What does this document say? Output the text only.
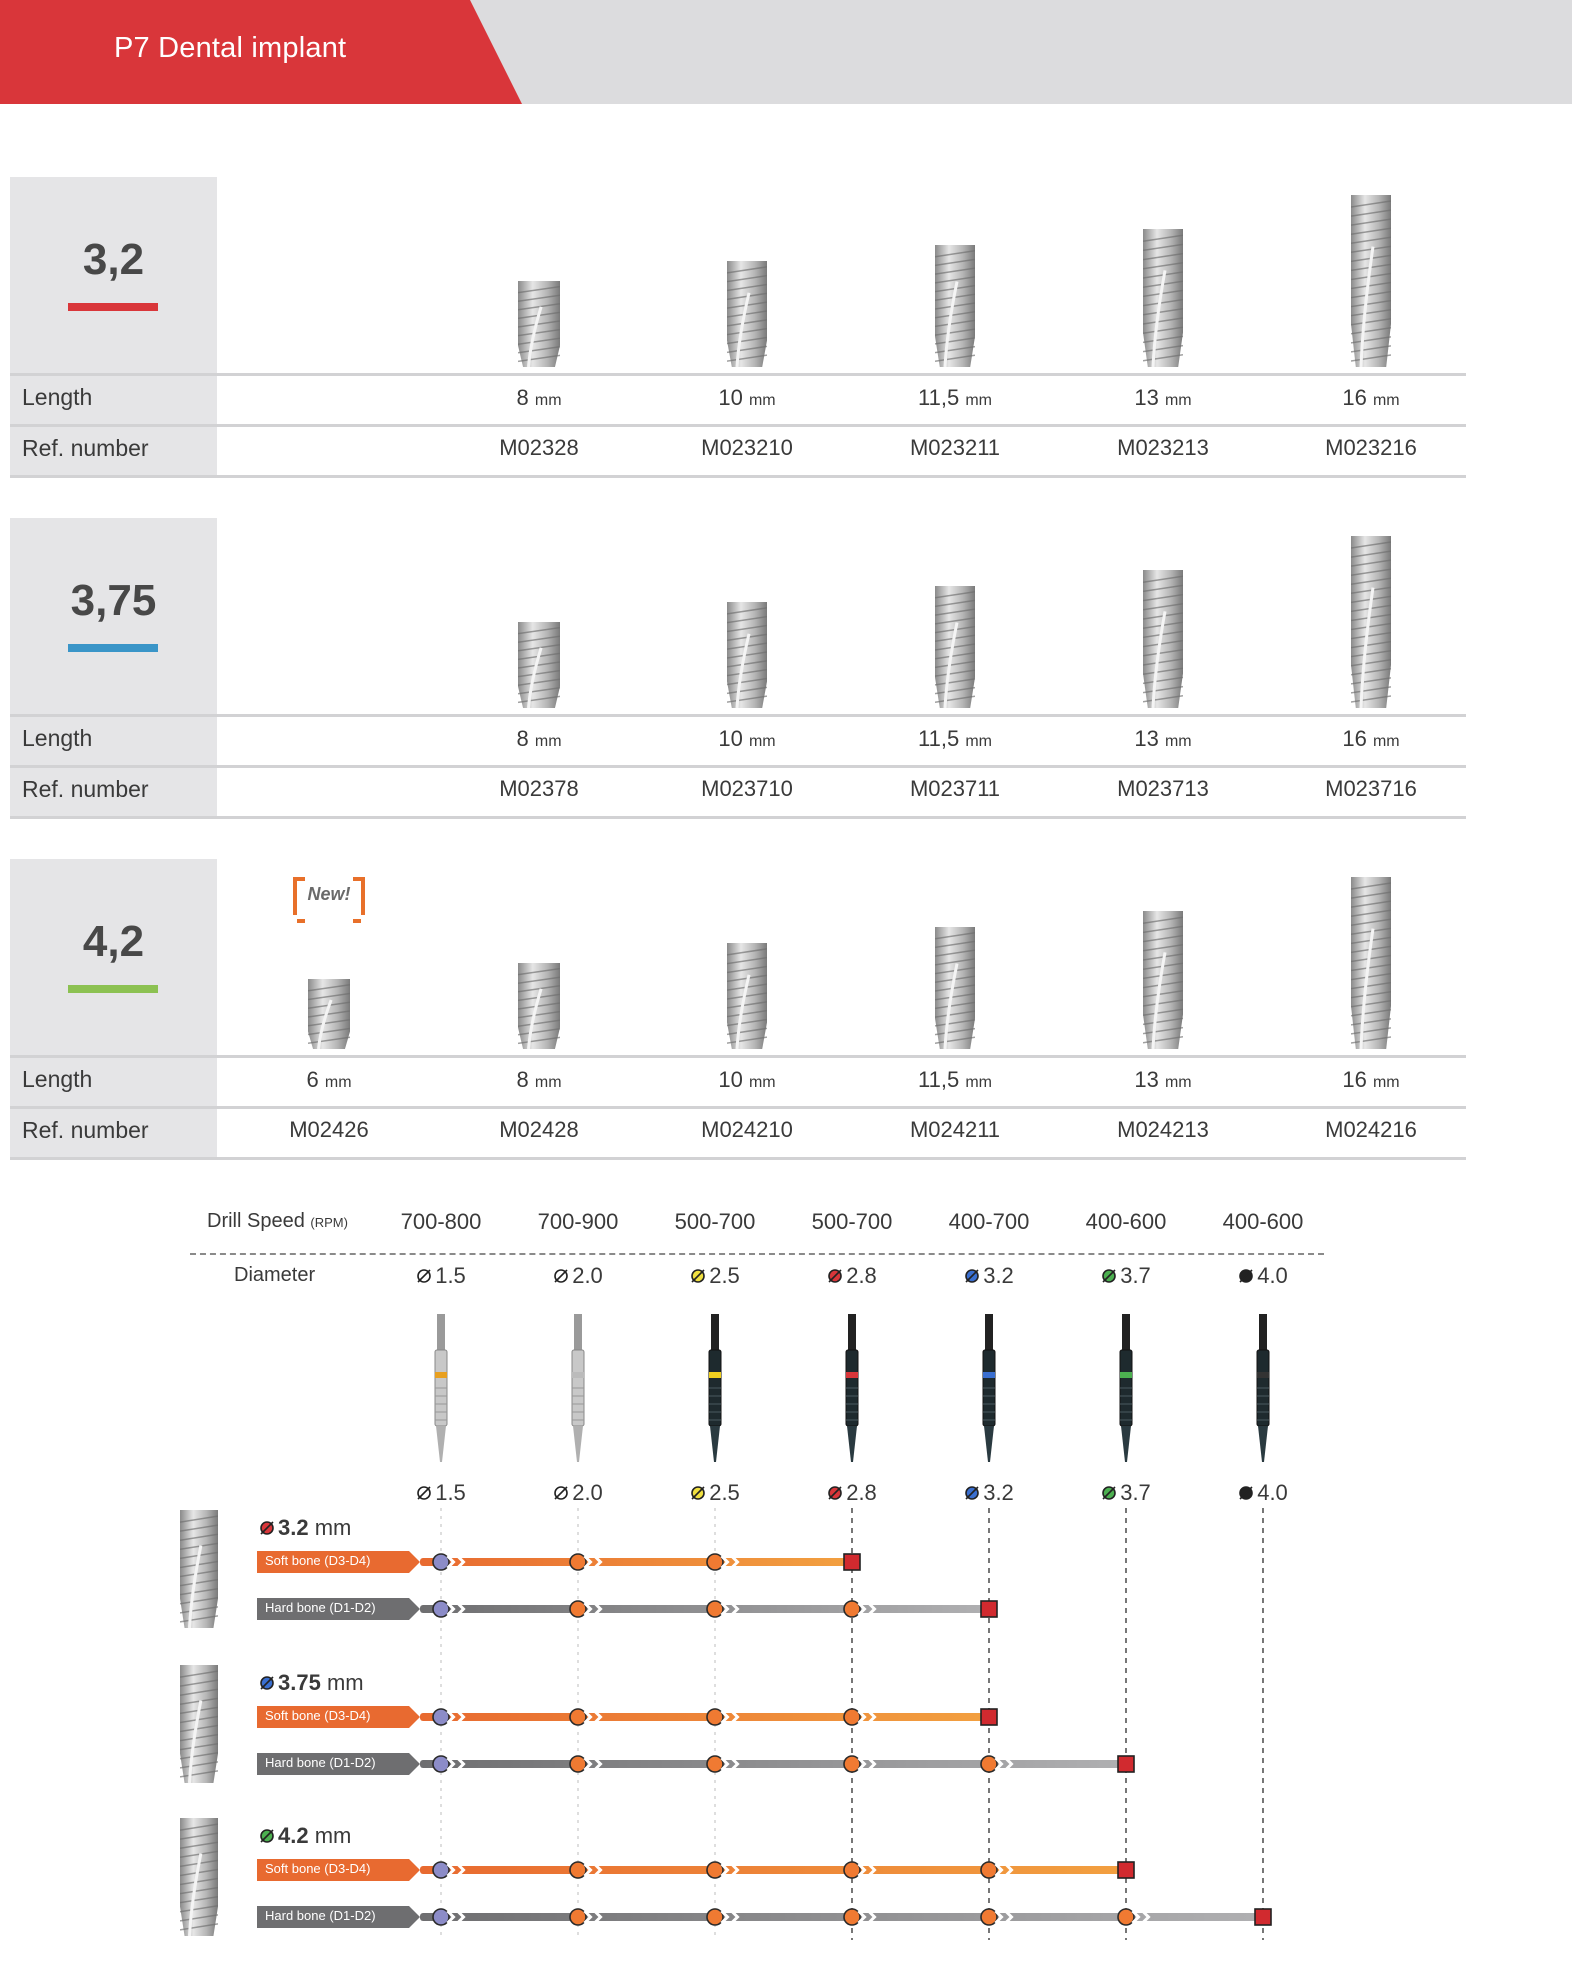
P7 Dental implant
3,2
Length
Ref. number
8 mm
M02328
10 mm
M023210
11,5 mm
M023211
13 mm
M023213
16 mm
M023216
3,75
Length
Ref. number
8 mm
M02378
10 mm
M023710
11,5 mm
M023711
13 mm
M023713
16 mm
M023716
4,2
Length
Ref. number
6 mm
M02426
8 mm
M02428
10 mm
M024210
11,5 mm
M024211
13 mm
M024213
16 mm
M024216
New!
Drill Speed (RPM)
Diameter
700-800
1.5
1.5
700-900
2.0
2.0
500-700
2.5
2.5
500-700
2.8
2.8
400-700
3.2
3.2
400-600
3.7
3.7
400-600
4.0
4.0
3.2 mm
Soft bone (D3-D4)
Hard bone (D1-D2)
3.75 mm
Soft bone (D3-D4)
Hard bone (D1-D2)
4.2 mm
Soft bone (D3-D4)
Hard bone (D1-D2)
